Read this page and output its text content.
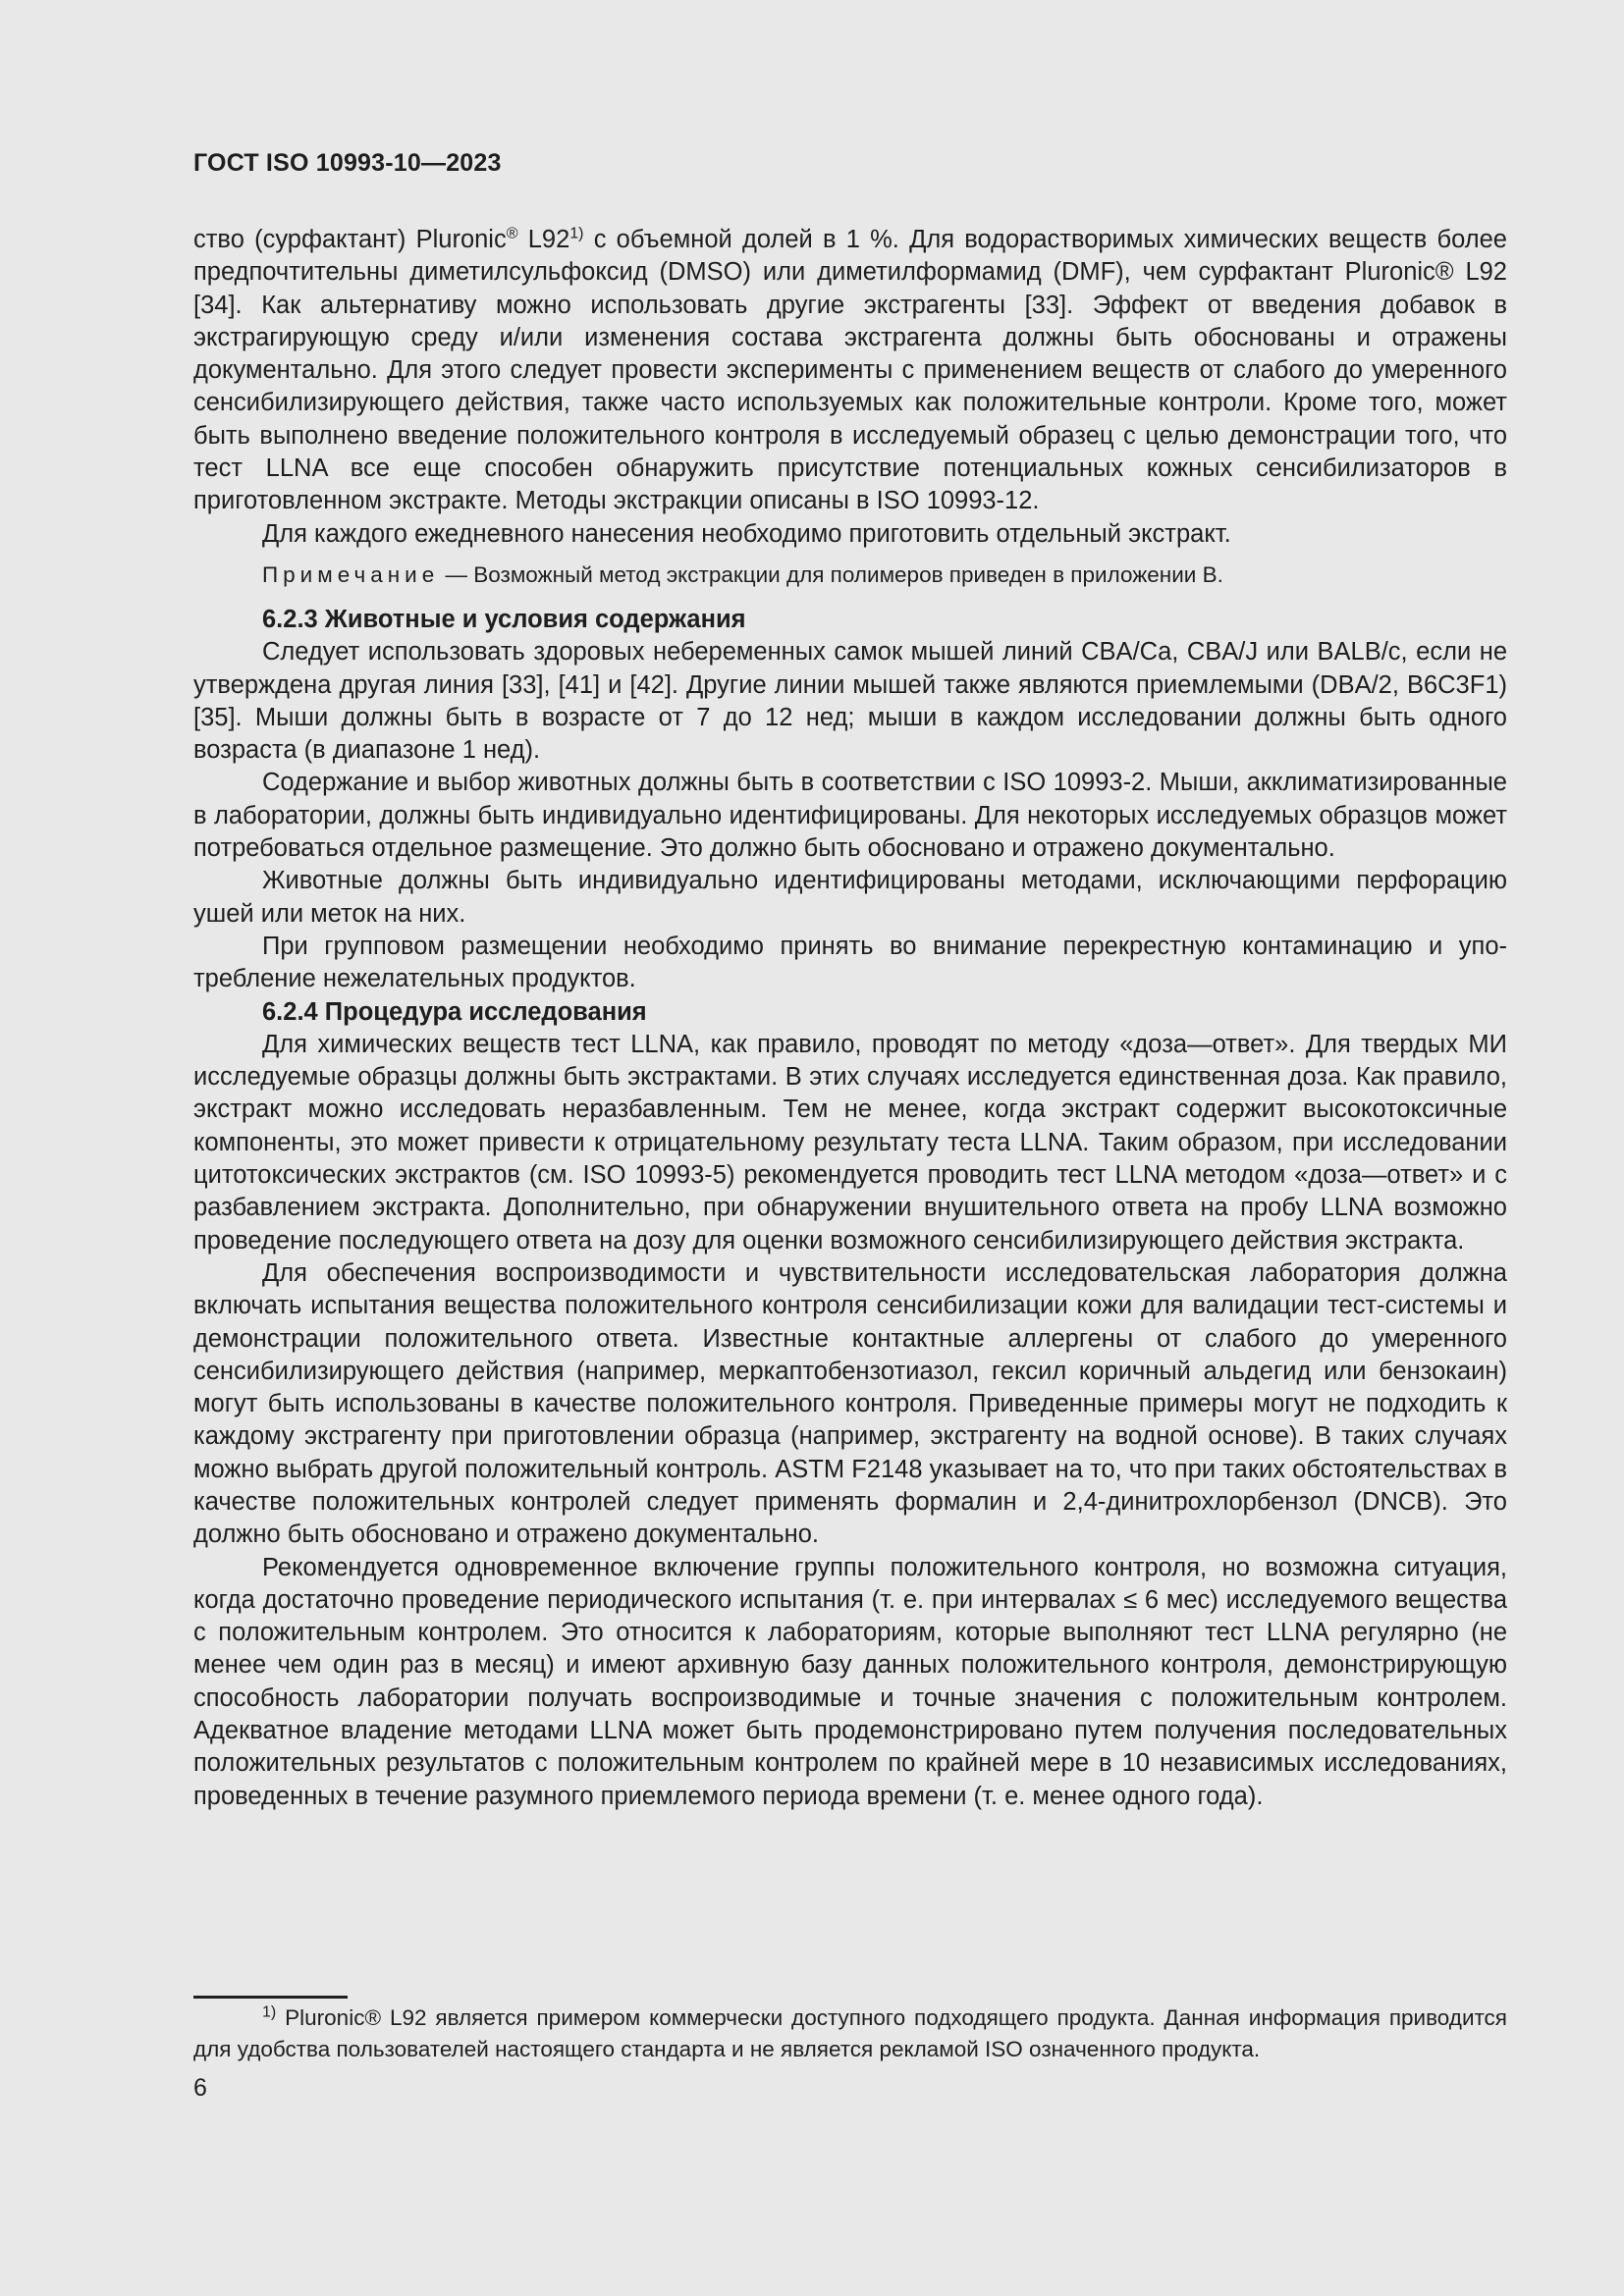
ГОСТ ISO 10993-10—2023

ство (сурфактант) Pluronic® L92$^{1)}$ с объемной долей в 1 %. Для водорастворимых химических веществ более предпочтительны диметилсульфоксид (DMSO) или диметилформамид (DMF), чем сурфактант Pluronic® L92 [34]. Как альтернативу можно использовать другие экстрагенты [33]. Эффект от введения добавок в экстрагирующую среду и/или изменения состава экстрагента должны быть обоснованы и отражены документально. Для этого следует провести эксперименты с применением веществ от слабого до умеренного сенсибилизирующего действия, также часто используемых как положительные контроли. Кроме того, может быть выполнено введение положительного контроля в исследуемый образец с целью демонстрации того, что тест LLNA все еще способен обнаружить присутствие потенциальных кожных сенсибилизаторов в приготовленном экстракте. Методы экстракции описаны в ISO 10993-12.

Для каждого ежедневного нанесения необходимо приготовить отдельный экстракт.

Примечание — Возможный метод экстракции для полимеров приведен в приложении В.

6.2.3 Животные и условия содержания

Следует использовать здоровых небеременных самок мышей линий CBA/Ca, CBA/J или BALB/c, если не утверждена другая линия [33], [41] и [42]. Другие линии мышей также являются приемлемыми (DBA/2, B6C3F1) [35]. Мыши должны быть в возрасте от 7 до 12 нед; мыши в каждом исследовании должны быть одного возраста (в диапазоне 1 нед).

Содержание и выбор животных должны быть в соответствии с ISO 10993-2. Мыши, акклиматизированные в лаборатории, должны быть индивидуально идентифицированы. Для некоторых исследуемых образцов может потребоваться отдельное размещение. Это должно быть обосновано и отражено документально.

Животные должны быть индивидуально идентифицированы методами, исключающими перфорацию ушей или меток на них.

При групповом размещении необходимо принять во внимание перекрестную контаминацию и употребление нежелательных продуктов.

6.2.4 Процедура исследования

Для химических веществ тест LLNA, как правило, проводят по методу «доза—ответ». Для твердых МИ исследуемые образцы должны быть экстрактами. В этих случаях исследуется единственная доза. Как правило, экстракт можно исследовать неразбавленным. Тем не менее, когда экстракт содержит высокотоксичные компоненты, это может привести к отрицательному результату теста LLNA. Таким образом, при исследовании цитотоксических экстрактов (см. ISO 10993-5) рекомендуется проводить тест LLNA методом «доза—ответ» и с разбавлением экстракта. Дополнительно, при обнаружении внушительного ответа на пробу LLNA возможно проведение последующего ответа на дозу для оценки возможного сенсибилизирующего действия экстракта.

Для обеспечения воспроизводимости и чувствительности исследовательская лаборатория должна включать испытания вещества положительного контроля сенсибилизации кожи для валидации тест-системы и демонстрации положительного ответа. Известные контактные аллергены от слабого до умеренного сенсибилизирующего действия (например, меркаптобензотиазол, гексил коричный альдегид или бензокаин) могут быть использованы в качестве положительного контроля. Приведенные примеры могут не подходить к каждому экстрагенту при приготовлении образца (например, экстрагенту на водной основе). В таких случаях можно выбрать другой положительный контроль. ASTM F2148 указывает на то, что при таких обстоятельствах в качестве положительных контролей следует применять формалин и 2,4-динитрохлорбензол (DNCB). Это должно быть обосновано и отражено документально.

Рекомендуется одновременное включение группы положительного контроля, но возможна ситуация, когда достаточно проведение периодического испытания (т. е. при интервалах ≤ 6 мес) исследуемого вещества с положительным контролем. Это относится к лабораториям, которые выполняют тест LLNA регулярно (не менее чем один раз в месяц) и имеют архивную базу данных положительного контроля, демонстрирующую способность лаборатории получать воспроизводимые и точные значения с положительным контролем. Адекватное владение методами LLNA может быть продемонстрировано путем получения последовательных положительных результатов с положительным контролем по крайней мере в 10 независимых исследованиях, проведенных в течение разумного приемлемого периода времени (т. е. менее одного года).

$^{1)}$ Pluronic® L92 является примером коммерчески доступного подходящего продукта. Данная информация приводится для удобства пользователей настоящего стандарта и не является рекламой ISO означенного продукта.
6
